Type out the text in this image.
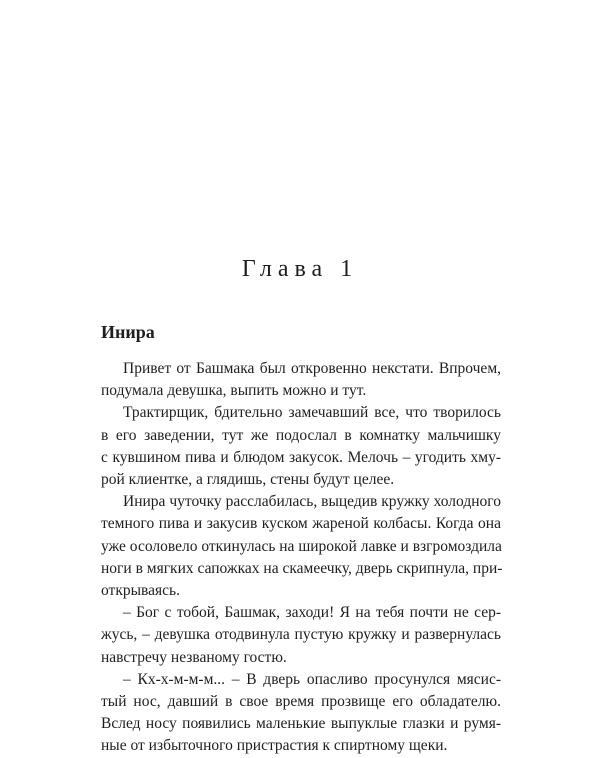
Глава 1
Инира
Привет от Башмака был откровенно некстати. Впрочем,
подумала девушка, выпить можно и тут.
Трактирщик, бдительно замечавший все, что творилось
в его заведении, тут же подослал в комнатку мальчишку
с кувшином пива и блюдом закусок. Мелочь – угодить хму-
рой клиентке, а глядишь, стены будут целее.
Инира чуточку расслабилась, выцедив кружку холодного
темного пива и закусив куском жареной колбасы. Когда она
уже осоловело откинулась на широкой лавке и взгромоздила
ноги в мягких сапожках на скамеечку, дверь скрипнула, при-
открываясь.
– Бог с тобой, Башмак, заходи! Я на тебя почти не сер-
жусь, – девушка отодвинула пустую кружку и развернулась
навстречу незваному гостю.
– Кх-х-м-м-м... – В дверь опасливо просунулся мясис-
тый нос, давший в свое время прозвище его обладателю.
Вслед носу появились маленькие выпуклые глазки и румя-
ные от избыточного пристрастия к спиртному щеки.
